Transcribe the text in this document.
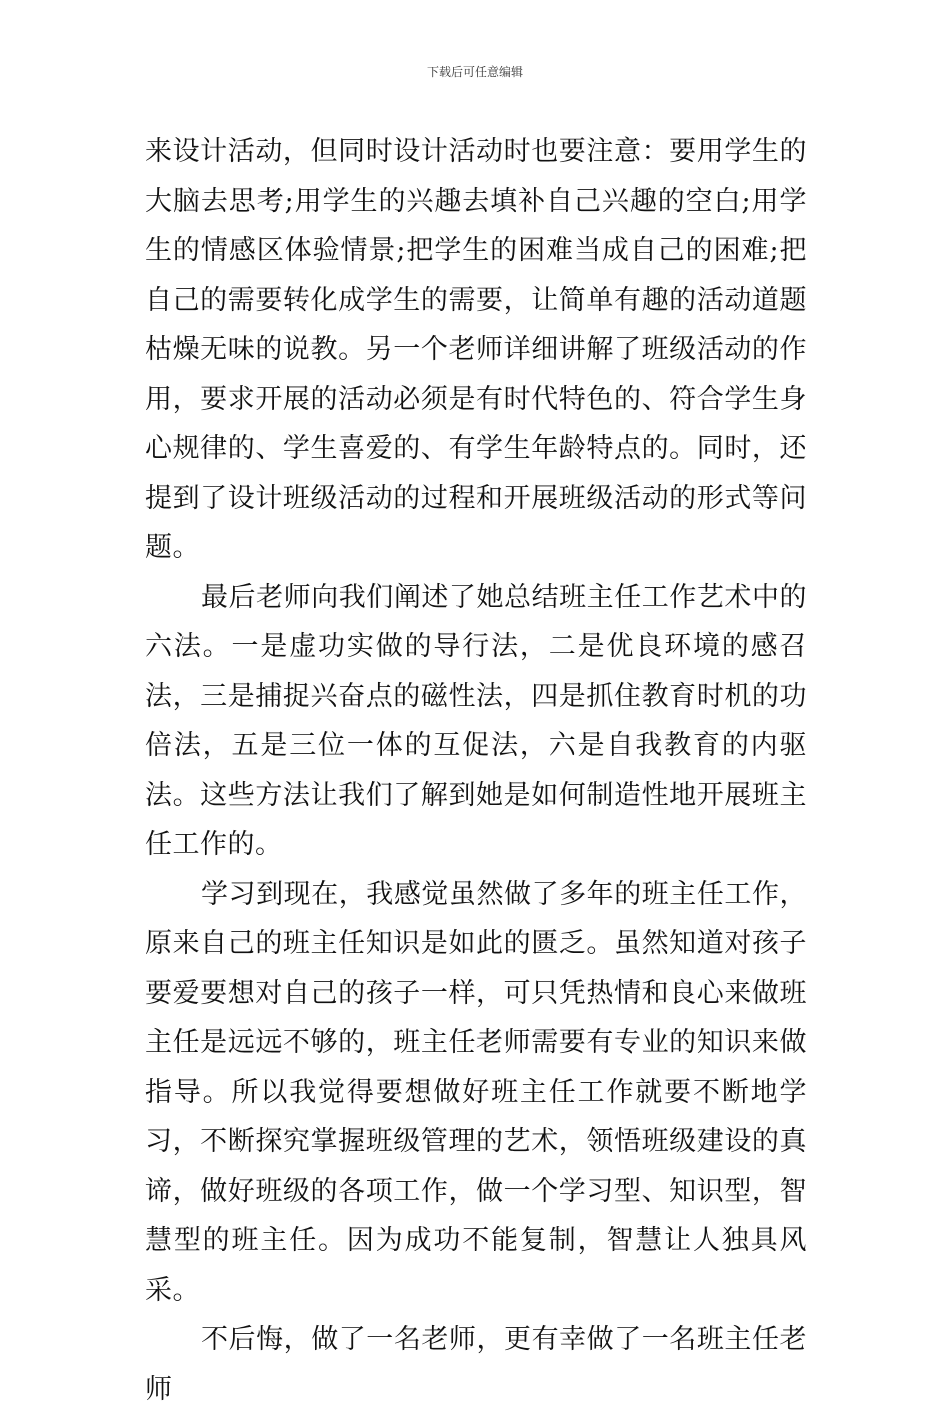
下载后可任意编辑

来设计活动，但同时设计活动时也要注意：要用学生的大脑去思考;用学生的兴趣去填补自己兴趣的空白;用学生的情感区体验情景;把学生的困难当成自己的困难;把自己的需要转化成学生的需要，让简单有趣的活动道题枯燥无味的说教。另一个老师详细讲解了班级活动的作用，要求开展的活动必须是有时代特色的、符合学生身心规律的、学生喜爱的、有学生年龄特点的。同时，还提到了设计班级活动的过程和开展班级活动的形式等问题。

最后老师向我们阐述了她总结班主任工作艺术中的六法。一是虚功实做的导行法，二是优良环境的感召法，三是捕捉兴奋点的磁性法，四是抓住教育时机的功倍法，五是三位一体的互促法，六是自我教育的内驱法。这些方法让我们了解到她是如何制造性地开展班主任工作的。

学习到现在，我感觉虽然做了多年的班主任工作，原来自己的班主任知识是如此的匮乏。虽然知道对孩子要爱要想对自己的孩子一样，可只凭热情和良心来做班主任是远远不够的，班主任老师需要有专业的知识来做指导。所以我觉得要想做好班主任工作就要不断地学习，不断探究掌握班级管理的艺术，领悟班级建设的真谛，做好班级的各项工作，做一个学习型、知识型，智慧型的班主任。因为成功不能复制，智慧让人独具风采。

不后悔，做了一名老师，更有幸做了一名班主任老师
